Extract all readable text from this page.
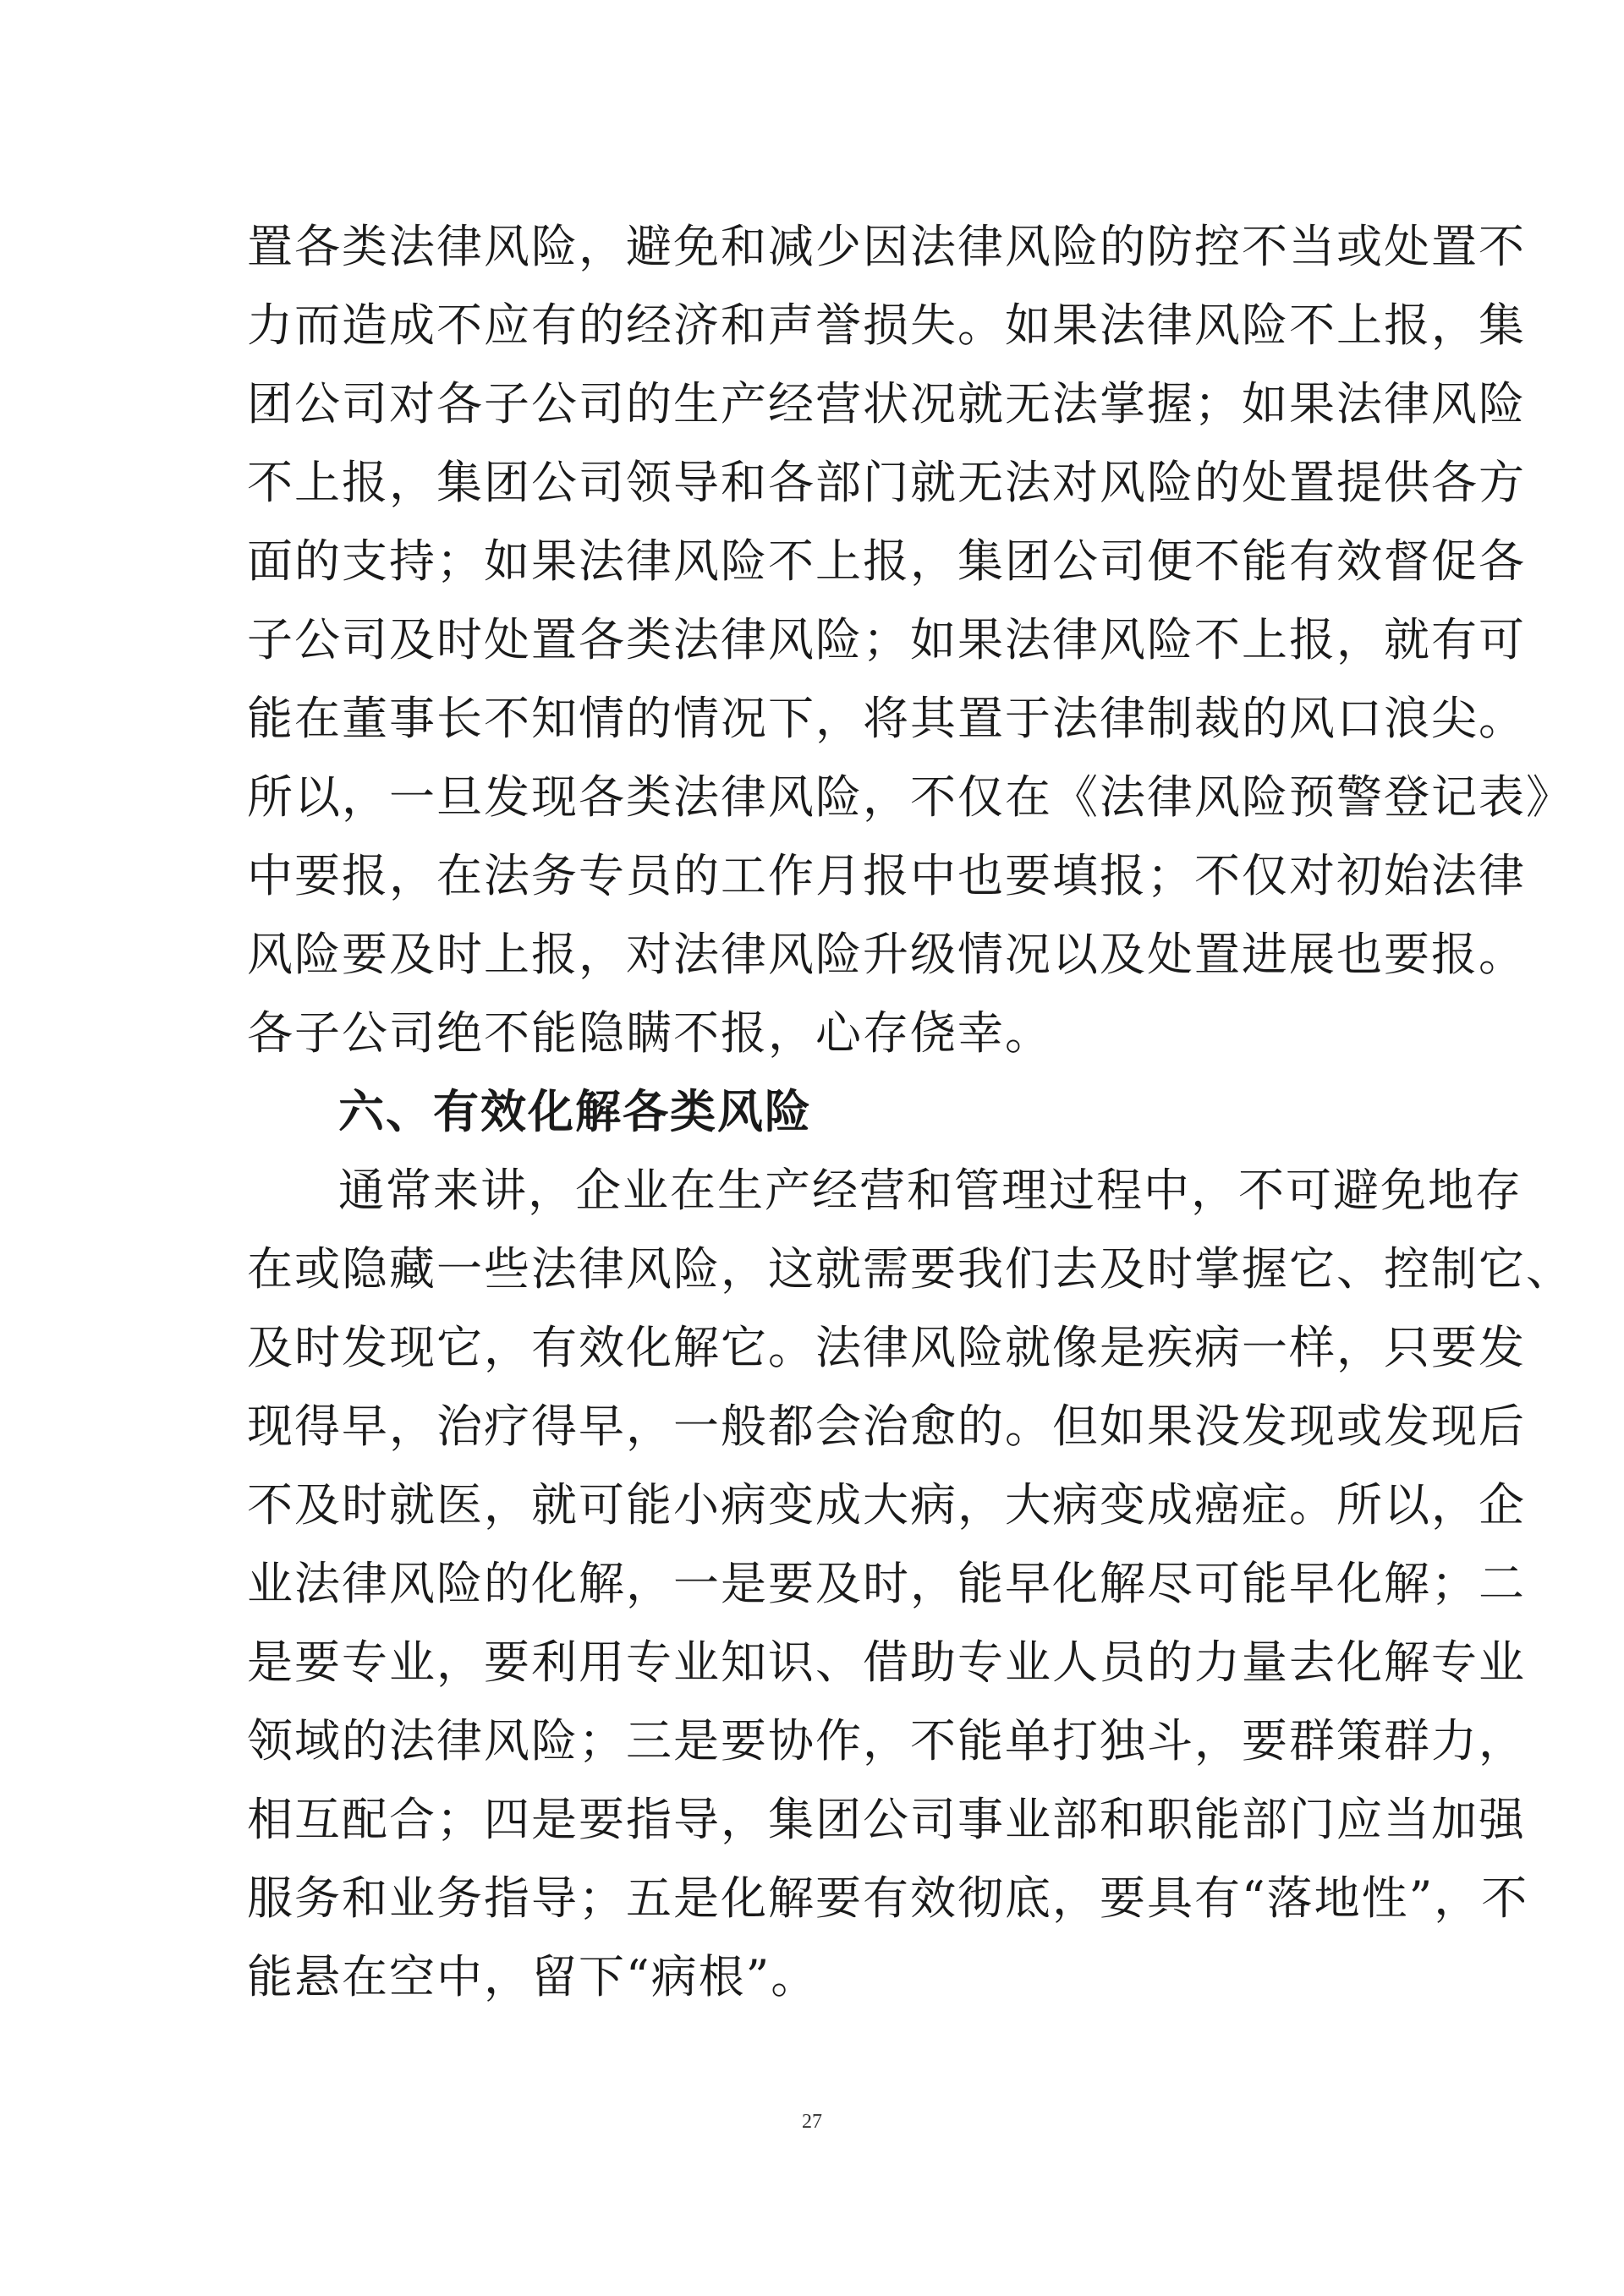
置各类法律风险，避免和减少因法律风险的防控不当或处置不
力而造成不应有的经济和声誉损失。如果法律风险不上报，集
团公司对各子公司的生产经营状况就无法掌握；如果法律风险
不上报，集团公司领导和各部门就无法对风险的处置提供各方
面的支持；如果法律风险不上报，集团公司便不能有效督促各
子公司及时处置各类法律风险；如果法律风险不上报，就有可
能在董事长不知情的情况下，将其置于法律制裁的风口浪尖。
所以，一旦发现各类法律风险，不仅在《法律风险预警登记表》
中要报，在法务专员的工作月报中也要填报；不仅对初始法律
风险要及时上报，对法律风险升级情况以及处置进展也要报。
各子公司绝不能隐瞒不报，心存侥幸。
六、有效化解各类风险
通常来讲，企业在生产经营和管理过程中，不可避免地存
在或隐藏一些法律风险，这就需要我们去及时掌握它、控制它、
及时发现它，有效化解它。法律风险就像是疾病一样，只要发
现得早，治疗得早，一般都会治愈的。但如果没发现或发现后
不及时就医，就可能小病变成大病，大病变成癌症。所以，企
业法律风险的化解，一是要及时，能早化解尽可能早化解；二
是要专业，要利用专业知识、借助专业人员的力量去化解专业
领域的法律风险；三是要协作，不能单打独斗，要群策群力，
相互配合；四是要指导，集团公司事业部和职能部门应当加强
服务和业务指导；五是化解要有效彻底，要具有“落地性”，不
能悬在空中，留下“病根”。
27
